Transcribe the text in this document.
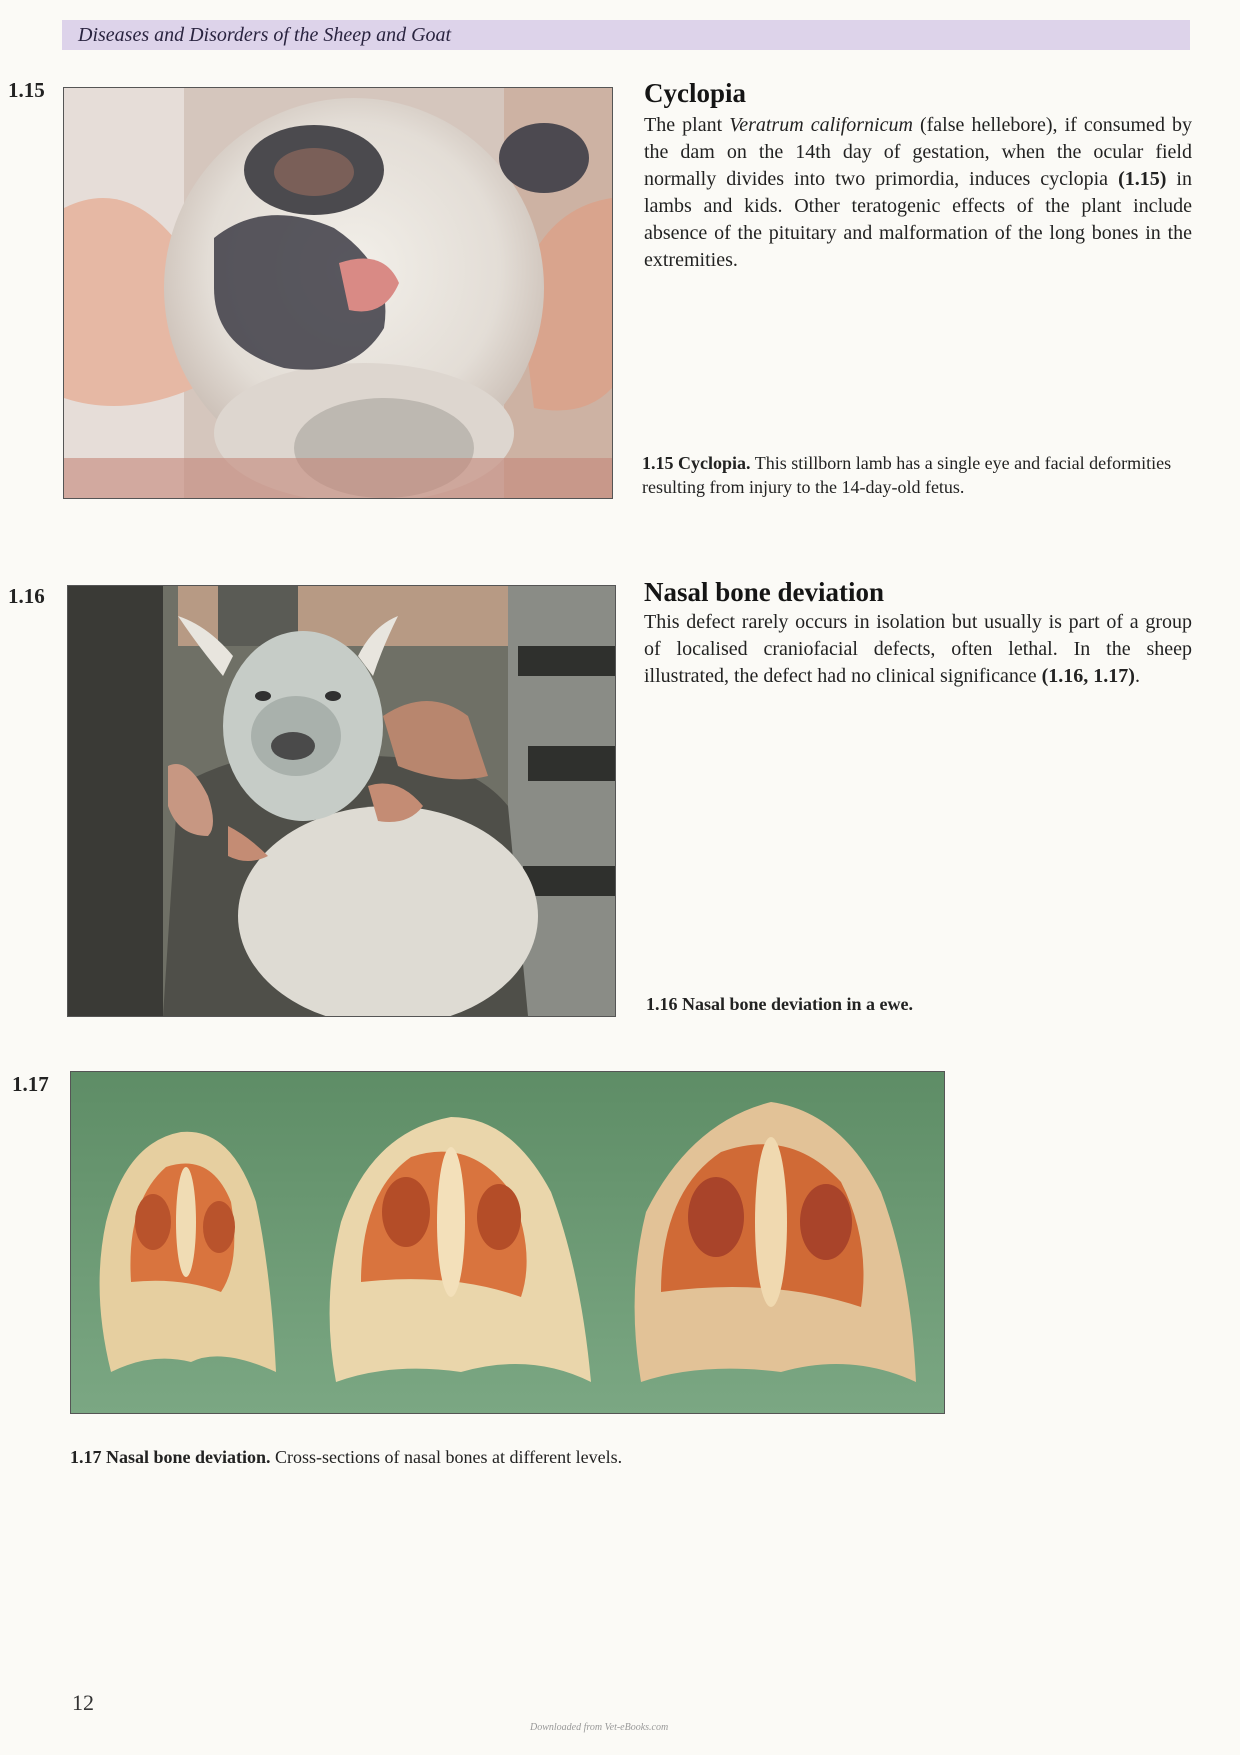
Diseases and Disorders of the Sheep and Goat
1.15	Cyclopia
The plant Veratrum californicum (false hellebore), if consumed by the dam on the 14th day of gestation, when the ocular field normally divides into two primordia, induces cyclopia (1.15) in lambs and kids. Other teratogenic effects of the plant include absence of the pituitary and malformation of the long bones in the extremities.
1.15 Cyclopia. This stillborn lamb has a single eye and facial deformities resulting from injury to the 14-day-old fetus.
1.16	Nasal bone deviation
This defect rarely occurs in isolation but usually is part of a group of localised craniofacial defects, often lethal. In the sheep illustrated, the defect had no clinical significance (1.16, 1.17).
1.16 Nasal bone deviation in a ewe.
1.17
1.17 Nasal bone deviation. Cross-sections of nasal bones at different levels.
12
Downloaded from Vet-eBooks.com
